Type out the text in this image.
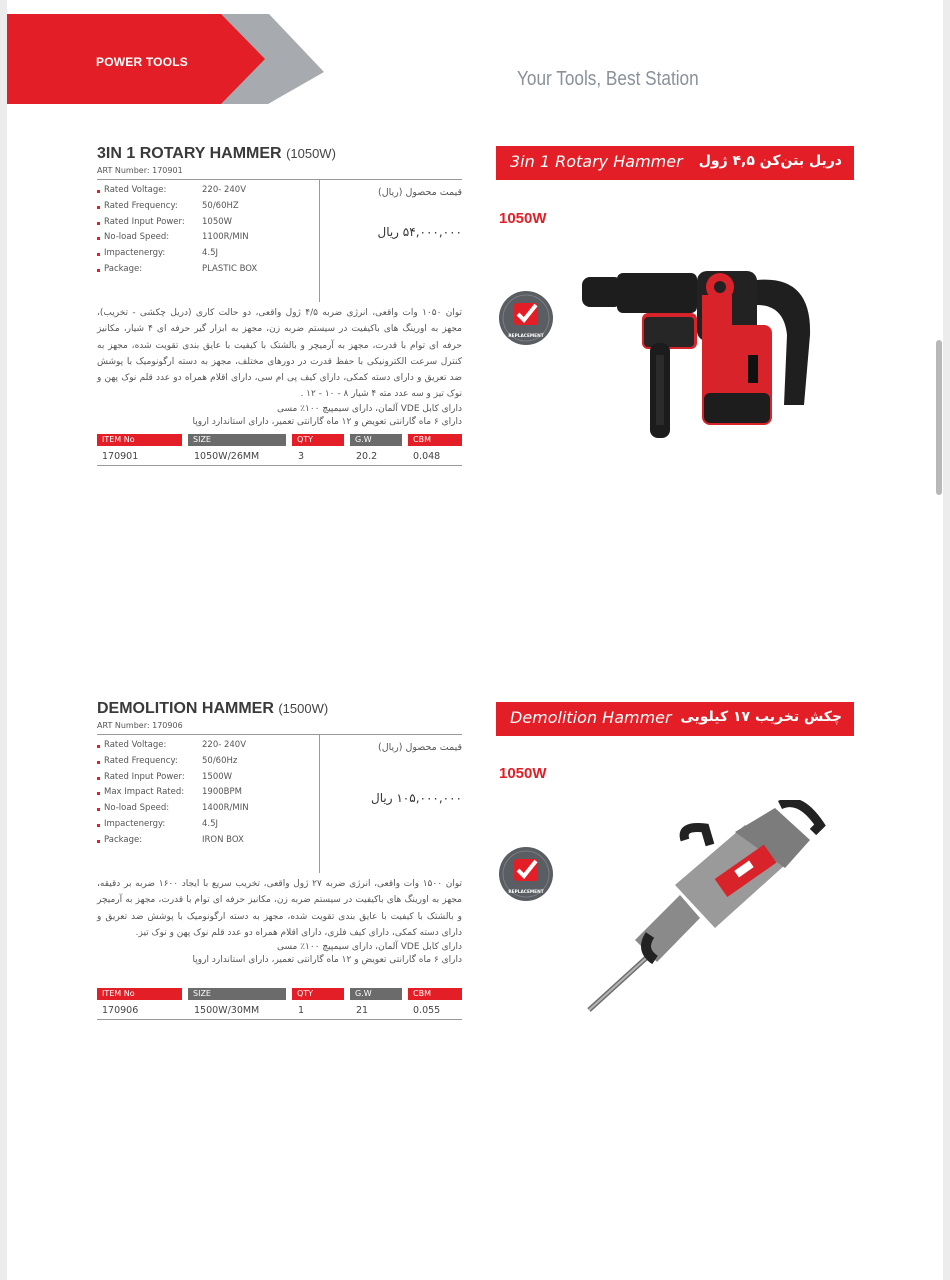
POWER TOOLS
Your Tools, Best Station
3IN 1 ROTARY HAMMER (1050W)
ART Number: 170901
Rated Voltage:	220- 240V
Rated Frequency:	50/60HZ
Rated Input Power: 1050W
No-load Speed:	1100R/MIN
Impactenergy:	4.5J
Package:	PLASTIC BOX
قیمت محصول (ریال)
۵۴,۰۰۰,۰۰۰ ریال

توان ۱۰۵۰ وات واقعی، انرژی ضربه ۴/۵ ژول واقعی، دو حالت کاری (دریل چکشی - تخریب)، مجهز به اورینگ های باکیفیت در سیستم ضربه زن، مجهز به ابزار گیر حرفه ای ۴ شیار، مکانیز حرفه ای توام با قدرت، مجهز به آرمیچر و بالشتک با کیفیت با عایق بندی تقویت شده، مجهز به کنترل سرعت الکترونیکی با حفظ قدرت در دورهای مختلف، مجهز به دسته ارگونومیک با پوشش ضد تعریق و دارای دسته کمکی، دارای کیف پی ام سی، دارای اقلام همراه دو عدد قلم نوک پهن و نوک تیز و سه عدد مته ۴ شیار ۸ - ۱۰ - ۱۲ .

دارای کابل VDE آلمان، دارای سیمپیچ ۱۰۰٪ مسی

دارای ۶ ماه گارانتی تعویض و ۱۲ ماه گارانتی تعمیر، دارای استاندارد اروپا

ITEM No	SIZE	QTY	G.W	CBM
170901	1050W/26MM	3	20.2	0.048
3in 1 Rotary Hammer دریل بتن‌کن ۴,۵ ژول
1050W
REPLACEMENT
DEMOLITION HAMMER (1500W)
ART Number: 170906
Rated Voltage:	220- 240V
Rated Frequency:	50/60Hz
Rated Input Power: 1500W
Max Impact Rated: 1900BPM
No-load Speed:	1400R/MIN
Impactenergy:	4.5J
Package:	IRON BOX
قیمت محصول (ریال)
۱۰۵,۰۰۰,۰۰۰ ریال

توان ۱۵۰۰ وات واقعی، انرژی ضربه ۲۷ ژول واقعی، تخریب سریع با ایجاد ۱۶۰۰ ضربه بر دقیقه، مجهز به اورینگ های باکیفیت در سیستم ضربه زن، مکانیز حرفه ای توام با قدرت، مجهز به آرمیچر و بالشتک با کیفیت با عایق بندی تقویت شده، مجهز به دسته ارگونومیک با پوشش ضد تعریق و دارای دسته کمکی، دارای کیف فلزی، دارای اقلام همراه دو عدد قلم نوک پهن و نوک تیز.

دارای کابل VDE آلمان، دارای سیمپیچ ۱۰۰٪ مسی

دارای ۶ ماه گارانتی تعویض و ۱۲ ماه گارانتی تعمیر، دارای استاندارد اروپا

ITEM No	SIZE	QTY	G.W	CBM
170906	1500W/30MM	1	21	0.055
Demolition Hammer چکش تخریب ۱۷ کیلویی
1050W
REPLACEMENT
